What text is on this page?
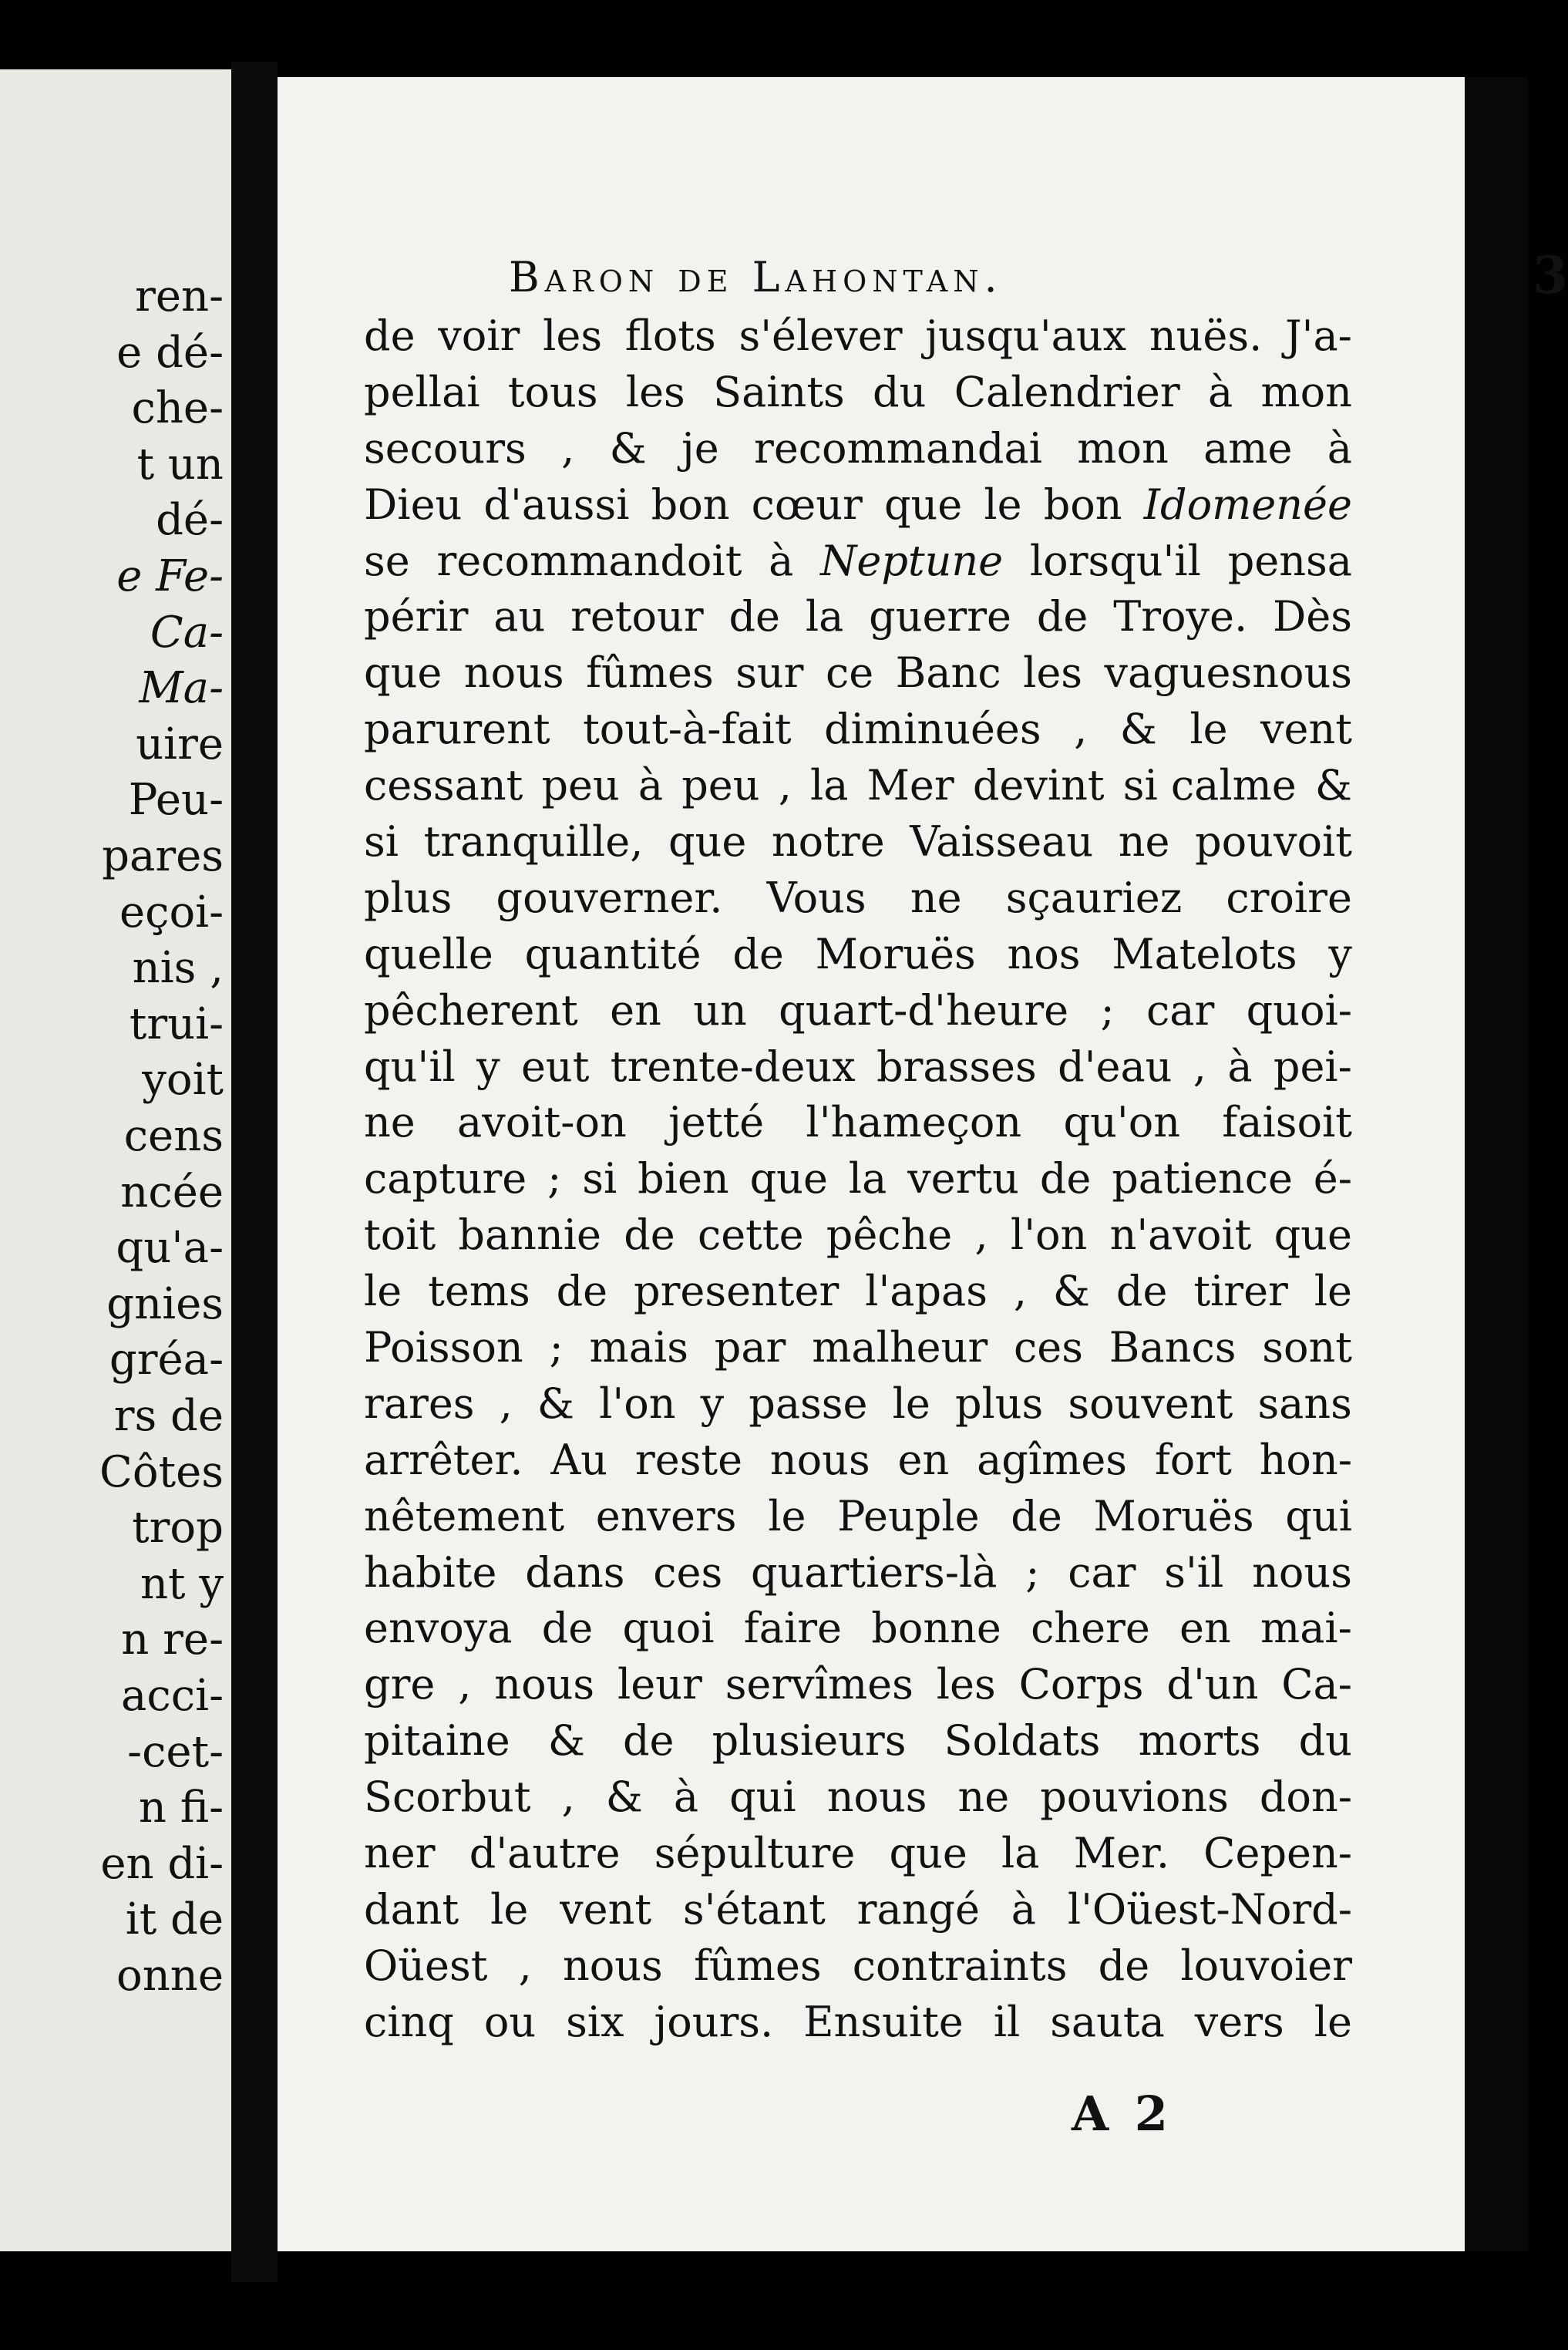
ren-
e dé-
che-
t un
dé-
e Fe-
Ca-
Ma-
uire
Peu-
pares
eçoi-
nis ,
trui-
yoit
cens
ncée
qu'a-
gnies
gréa-
rs de
Côtes
trop
nt y
n re-
acci-
-cet-
n fi-
en di-
it de
onne
Baron de Lahontan.	3
de voir les flots s'élever jusqu'aux nuës. J'a-
pellai tous les Saints du Calendrier à mon
secours , & je recommandai mon ame à
Dieu d'aussi bon cœur que le bon Idomenée
se recommandoit à Neptune lorsqu'il pensa
périr au retour de la guerre de Troye. Dès
que nous fûmes sur ce Banc les vaguesnous
parurent tout-à-fait diminuées , & le vent
cessant peu à peu , la Mer devint si calme &
si tranquille, que notre Vaisseau ne pouvoit
plus gouverner. Vous ne sçauriez croire
quelle quantité de Moruës nos Matelots y
pêcherent en un quart-d'heure ; car quoi-
qu'il y eut trente-deux brasses d'eau , à pei-
ne avoit-on jetté l'hameçon qu'on faisoit
capture ; si bien que la vertu de patience é-
toit bannie de cette pêche , l'on n'avoit que
le tems de presenter l'apas , & de tirer le
Poisson ; mais par malheur ces Bancs sont
rares , & l'on y passe le plus souvent sans
arrêter. Au reste nous en agîmes fort hon-
nêtement envers le Peuple de Moruës qui
habite dans ces quartiers-là ; car s'il nous
envoya de quoi faire bonne chere en mai-
gre , nous leur servîmes les Corps d'un Ca-
pitaine & de plusieurs Soldats morts du
Scorbut , & à qui nous ne pouvions don-
ner d'autre sépulture que la Mer. Cepen-
dant le vent s'étant rangé à l'Oüest-Nord-
Oüest , nous fûmes contraints de louvoier
cinq ou six jours. Ensuite il sauta vers le
A 2
